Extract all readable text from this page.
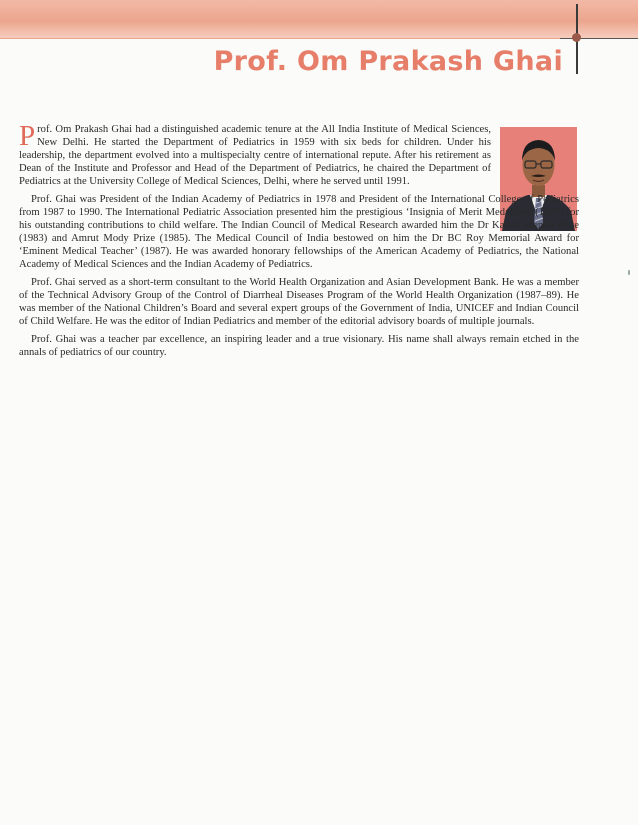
Prof. Om Prakash Ghai

Prof. Om Prakash Ghai had a distinguished academic tenure at the All India Institute of Medical Sciences, New Delhi. He started the Department of Pediatrics in 1959 with six beds for children. Under his leadership, the department evolved into a multispecialty centre of international repute. After his retirement as Dean of the Institute and Professor and Head of the Department of Pediatrics, he chaired the Department of Pediatrics at the University College of Medical Sciences, Delhi, where he served until 1991.

Prof. Ghai was President of the Indian Academy of Pediatrics in 1978 and President of the International College of Pediatrics from 1987 to 1990. The International Pediatric Association presented him the prestigious ‘Insignia of Merit Medallion’ (1977) for his outstanding contributions to child welfare. The Indian Council of Medical Research awarded him the Dr Kamla Menon Prize (1983) and Amrut Mody Prize (1985). The Medical Council of India bestowed on him the Dr BC Roy Memorial Award for ‘Eminent Medical Teacher’ (1987). He was awarded honorary fellowships of the American Academy of Pediatrics, the National Academy of Medical Sciences and the Indian Academy of Pediatrics.

Prof. Ghai served as a short-term consultant to the World Health Organization and Asian Development Bank. He was a member of the Technical Advisory Group of the Control of Diarrheal Diseases Program of the World Health Organization (1987–89). He was member of the National Children’s Board and several expert groups of the Government of India, UNICEF and Indian Council of Child Welfare. He was the editor of Indian Pediatrics and member of the editorial advisory boards of multiple journals.

Prof. Ghai was a teacher par excellence, an inspiring leader and a true visionary. His name shall always remain etched in the annals of pediatrics of our country.
